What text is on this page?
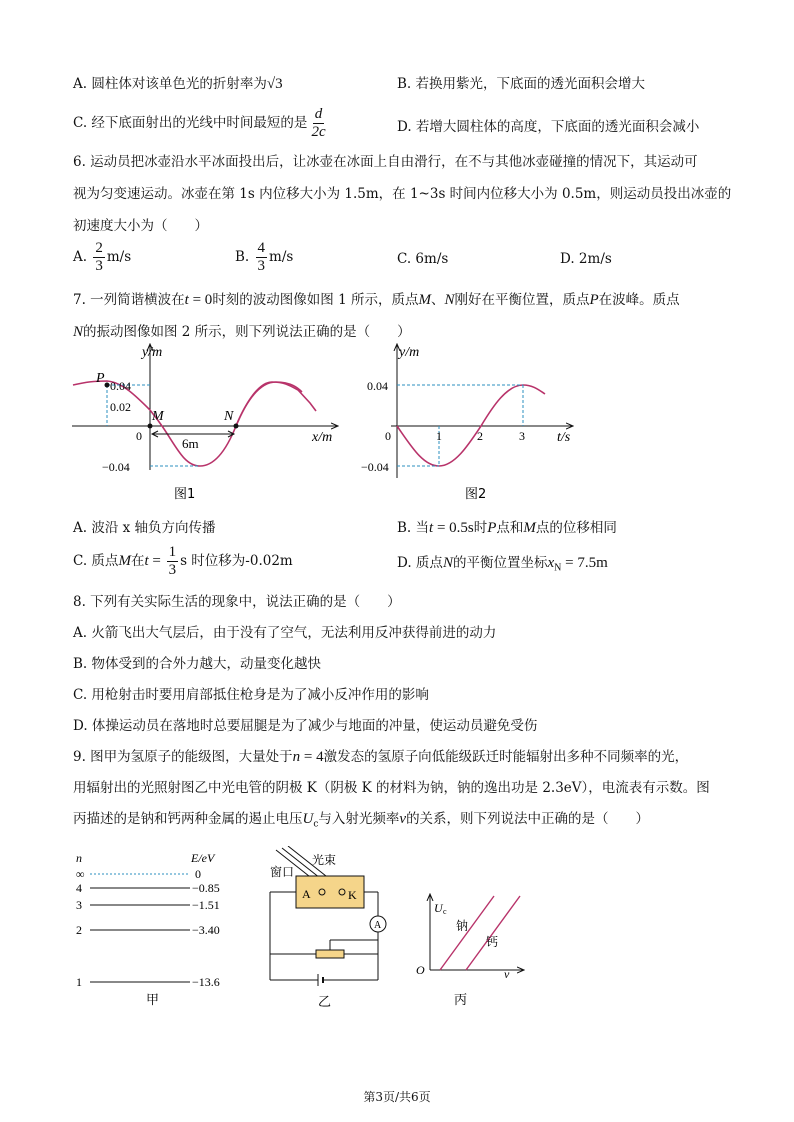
A. 圆柱体对该单色光的折射率为√3	B. 若换用紫光，下底面的透光面积会增大
C. 经下底面射出的光线中时间最短的是 $\frac{d}{2c}$	D. 若增大圆柱体的高度，下底面的透光面积会减小
6. 运动员把冰壶沿水平冰面投出后，让冰壶在冰面上自由滑行，在不与其他冰壶碰撞的情况下，其运动可
视为匀变速运动。冰壶在第 1s 内位移大小为 1.5m，在 1~3s 时间内位移大小为 0.5m，则运动员投出冰壶的
初速度大小为（　　）
A. $\frac{2}{3} m/s$	B. $\frac{4}{3} m/s$	C. 6m/s	D. 2m/s
7. 一列简谐横波在t = 0时刻的波动图像如图 1 所示，质点M、N刚好在平衡位置，质点P在波峰。质点
N的振动图像如图 2 所示，则下列说法正确的是（　　）
y/m
x/m
P 0.04
0.02
0
−0.04
M	N
6m
图1
y/m
t/s
0.04
0
−0.04
1	2	3
图2
A. 波沿 x 轴负方向传播	B. 当t = 0.5s时P点和M点的位移相同
C. 质点M在$t = \frac{1}{3}$ s 时位移为-0.02m	D. 质点N的平衡位置坐标$x_N = 7.5m$
8. 下列有关实际生活的现象中，说法正确的是（　　）
A. 火箭飞出大气层后，由于没有了空气，无法利用反冲获得前进的动力
B. 物体受到的合外力越大，动量变化越快
C. 用枪射击时要用肩部抵住枪身是为了减小反冲作用的影响
D. 体操运动员在落地时总要屈腿是为了减少与地面的冲量，使运动员避免受伤
9. 图甲为氢原子的能级图，大量处于n = 4激发态的氢原子向低能级跃迁时能辐射出多种不同频率的光，
用辐射出的光照射图乙中光电管的阴极 K（阴极 K 的材料为钠，钠的逸出功是 2.3eV），电流表有示数。图
丙描述的是钠和钙两种金属的遏止电压$U_c$与入射光频率ν的关系，则下列说法中正确的是（　　）
n	E/eV
∞
4
3
2
1
0
−0.85
−1.51
−3.40
−13.6
甲
光束
窗口
A	K
A
乙
U c
O	ν
钠
钙
丙
第3页/共6页
